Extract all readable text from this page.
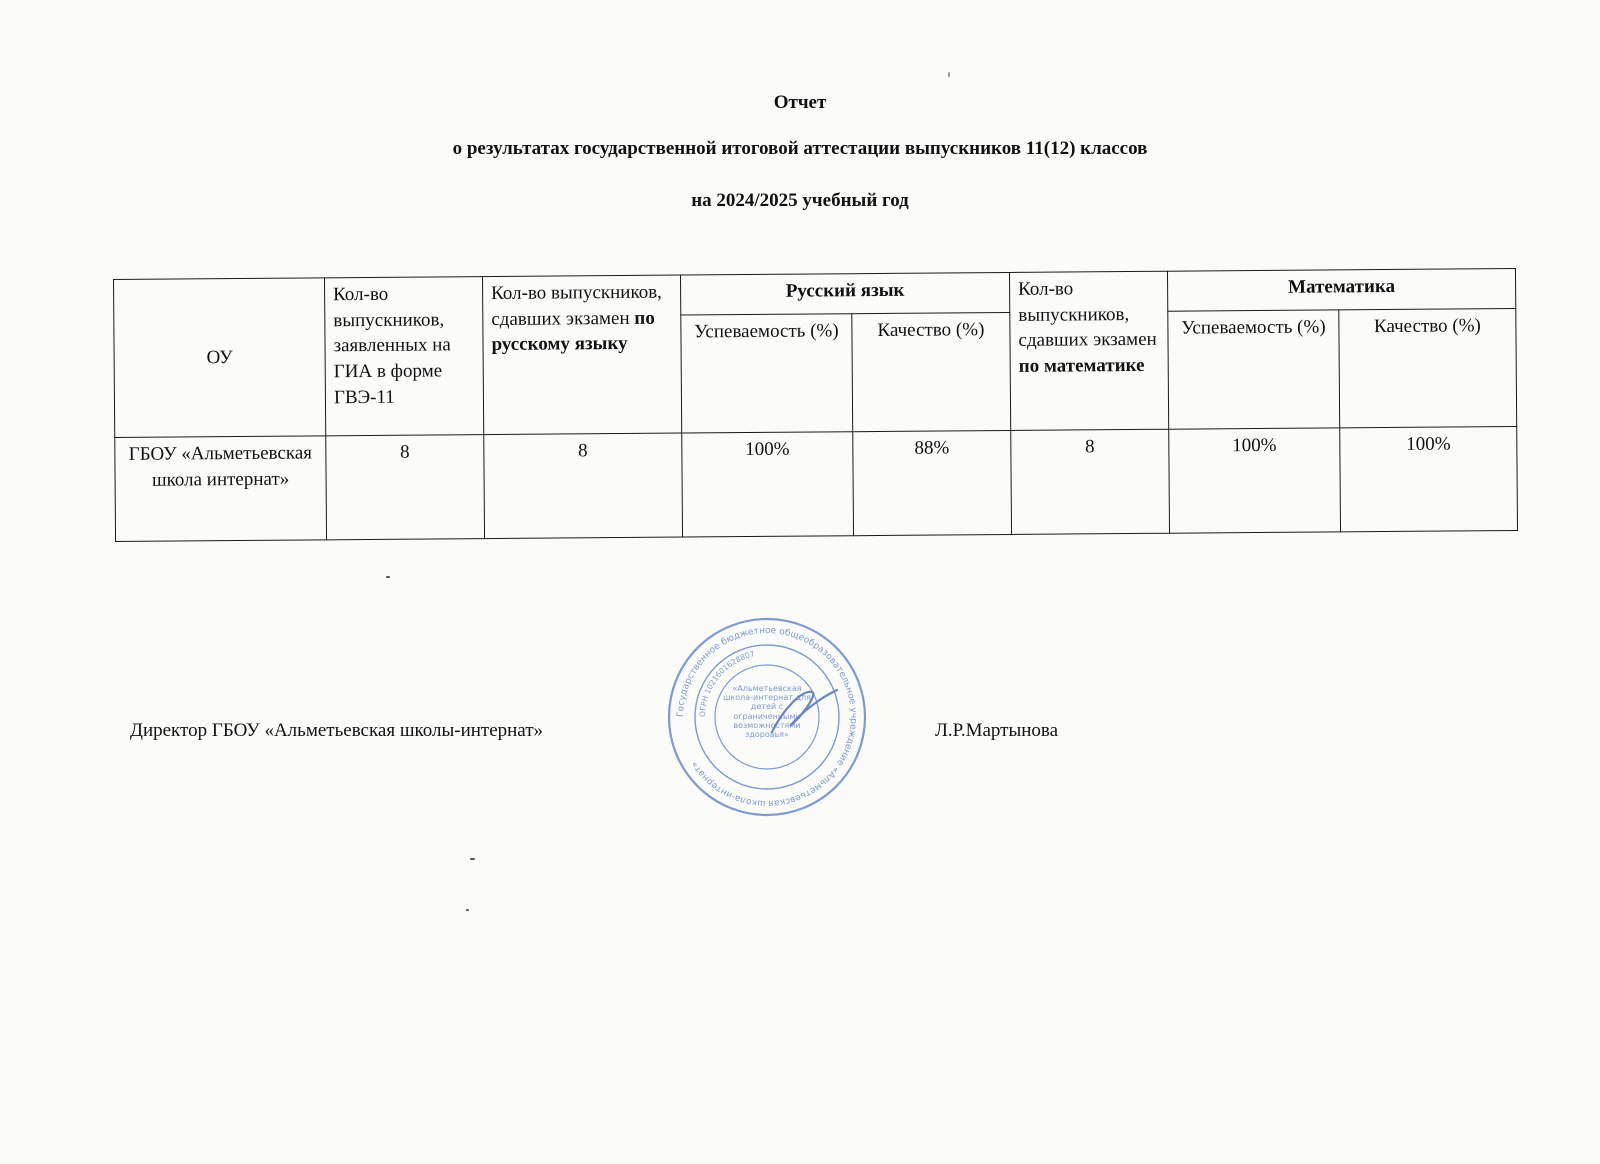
Отчет
о результатах государственной итоговой аттестации выпускников 11(12) классов
на 2024/2025 учебный год
ОУ	Кол-во выпускников, заявленных на ГИА в форме ГВЭ-11	Кол-во выпускников, сдавших экзамен по русскому языку	Русский язык		Кол-во выпускников, сдавших экзамен по математике	Математика	
			Успеваемость (%)	Качество (%)		Успеваемость (%)	Качество (%)
ГБОУ «Альметьевская школа интернат»	8	8	100%	88%	8	100%	100%
Директор ГБОУ «Альметьевская школы-интернат»	Л.Р.Мартынова
Государственное бюджетное общеобразовательное учреждение «Альметьевская школа-интернат»
ОГРН 1021601628807
«Альметьевская школа-интернат для детей с ограниченными возможностями здоровья»
